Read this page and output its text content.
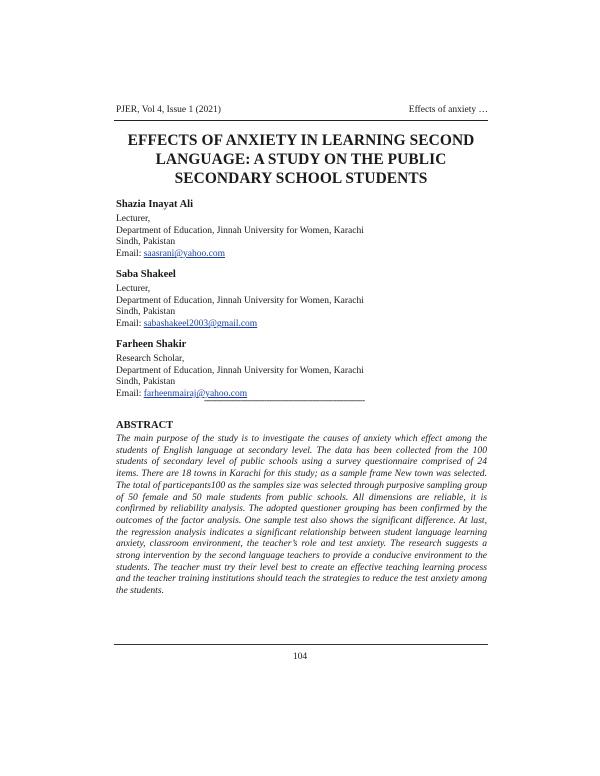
PJER, Vol 4, Issue 1 (2021)	Effects of anxiety …
EFFECTS OF ANXIETY IN LEARNING SECOND
LANGUAGE: A STUDY ON THE PUBLIC
SECONDARY SCHOOL STUDENTS
Shazia Inayat Ali
Lecturer,
Department of Education, Jinnah University for Women, Karachi
Sindh, Pakistan
Email: saasrani@yahoo.com
Saba Shakeel
Lecturer,
Department of Education, Jinnah University for Women, Karachi
Sindh, Pakistan
Email: sabashakeel2003@gmail.com
Farheen Shakir
Research Scholar,
Department of Education, Jinnah University for Women, Karachi
Sindh, Pakistan
Email: farheenmairaj@yahoo.com
-------------------------------------------------------------------
ABSTRACT
The main purpose of the study is to investigate the causes of anxiety which effect among the students of English language at secondary level. The data has been collected from the 100 students of secondary level of public schools using a survey questionnaire comprised of 24 items. There are 18 towns in Karachi for this study; as a sample frame New town was selected. The total of particepants100 as the samples size was selected through purposive sampling group of 50 female and 50 male students from public schools. All dimensions are reliable, it is confirmed by reliability analysis. The adopted questioner grouping has been confirmed by the outcomes of the factor analysis. One sample test also shows the significant difference. At last, the regression analysis indicates a significant relationship between student language learning anxiety, classroom environment, the teacher’s role and test anxiety. The research suggests a strong intervention by the second language teachers to provide a conducive environment to the students. The teacher must try their level best to create an effective teaching learning process and the teacher training institutions should teach the strategies to reduce the test anxiety among the students.
104
